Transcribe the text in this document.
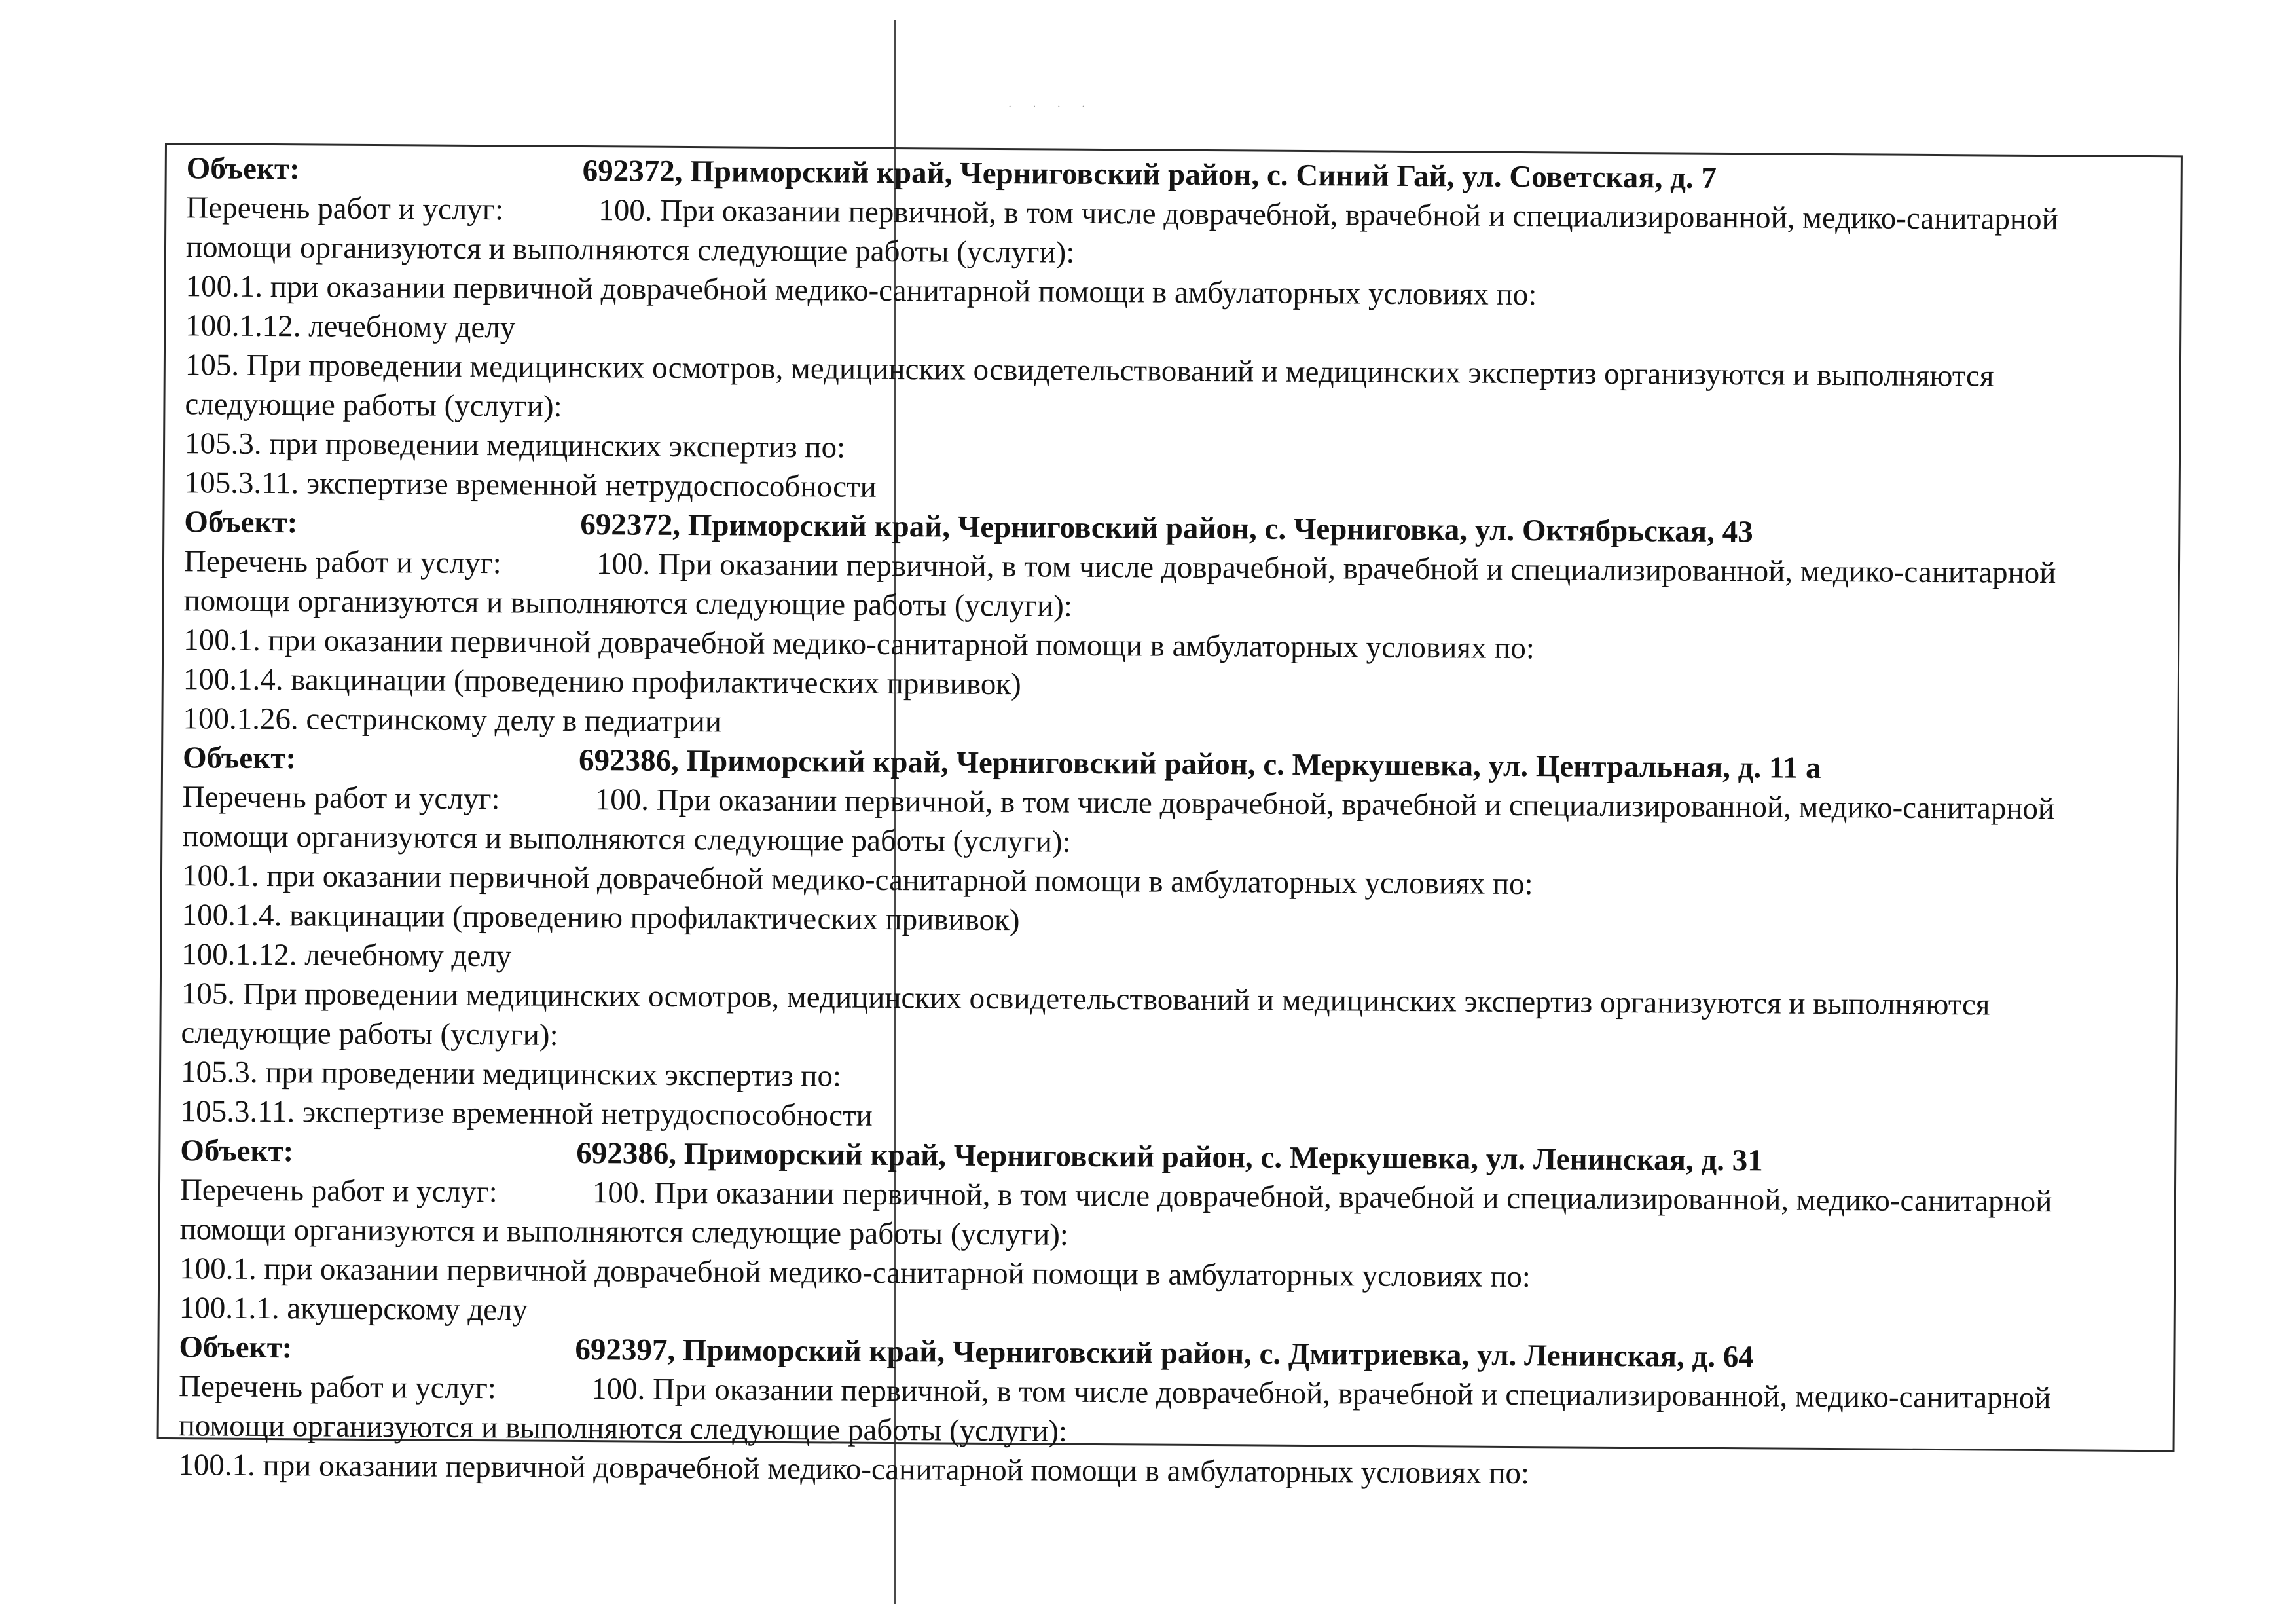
· · · ·
Объект:	692372, Приморский край, Черниговский район, с. Синий Гай, ул. Советская, д. 7
Перечень работ и услуг:	100. При оказании первичной, в том числе доврачебной, врачебной и специализированной, медико-санитарной
помощи организуются и выполняются следующие работы (услуги):
100.1. при оказании первичной доврачебной медико-санитарной помощи в амбулаторных условиях по:
100.1.12. лечебному делу
105. При проведении медицинских осмотров, медицинских освидетельствований и медицинских экспертиз организуются и выполняются
следующие работы (услуги):
105.3. при проведении медицинских экспертиз по:
105.3.11. экспертизе временной нетрудоспособности
Объект:	692372, Приморский край, Черниговский район, с. Черниговка, ул. Октябрьская, 43
Перечень работ и услуг:	100. При оказании первичной, в том числе доврачебной, врачебной и специализированной, медико-санитарной
помощи организуются и выполняются следующие работы (услуги):
100.1. при оказании первичной доврачебной медико-санитарной помощи в амбулаторных условиях по:
100.1.4. вакцинации (проведению профилактических прививок)
100.1.26. сестринскому делу в педиатрии
Объект:	692386, Приморский край, Черниговский район, с. Меркушевка, ул. Центральная, д. 11 а
Перечень работ и услуг:	100. При оказании первичной, в том числе доврачебной, врачебной и специализированной, медико-санитарной
помощи организуются и выполняются следующие работы (услуги):
100.1. при оказании первичной доврачебной медико-санитарной помощи в амбулаторных условиях по:
100.1.4. вакцинации (проведению профилактических прививок)
100.1.12. лечебному делу
105. При проведении медицинских осмотров, медицинских освидетельствований и медицинских экспертиз организуются и выполняются
следующие работы (услуги):
105.3. при проведении медицинских экспертиз по:
105.3.11. экспертизе временной нетрудоспособности
Объект:	692386, Приморский край, Черниговский район, с. Меркушевка, ул. Ленинская, д. 31
Перечень работ и услуг:	100. При оказании первичной, в том числе доврачебной, врачебной и специализированной, медико-санитарной
помощи организуются и выполняются следующие работы (услуги):
100.1. при оказании первичной доврачебной медико-санитарной помощи в амбулаторных условиях по:
100.1.1. акушерскому делу
Объект:	692397, Приморский край, Черниговский район, с. Дмитриевка, ул. Ленинская, д. 64
Перечень работ и услуг:	100. При оказании первичной, в том числе доврачебной, врачебной и специализированной, медико-санитарной
помощи организуются и выполняются следующие работы (услуги):
100.1. при оказании первичной доврачебной медико-санитарной помощи в амбулаторных условиях по:
